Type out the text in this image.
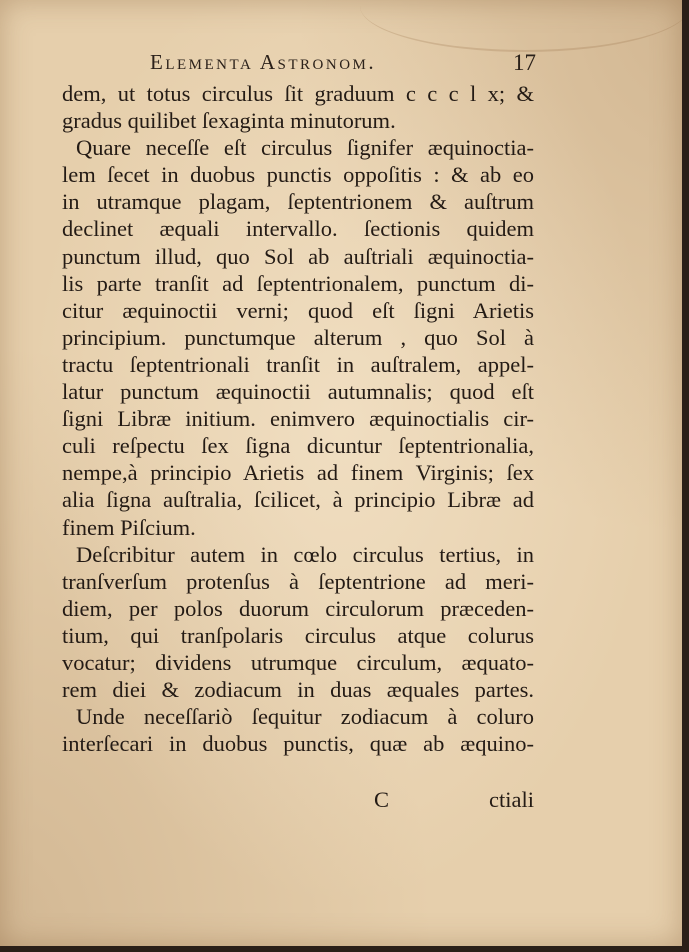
Elementa Astronom.	17
dem, ut totus circulus ſit graduum c c c l x; &
gradus quilibet ſexaginta minutorum.
Quare neceſſe eſt circulus ſignifer æquinoctia-
lem ſecet in duobus punctis oppoſitis : & ab eo
in utramque plagam, ſeptentrionem & auſtrum
declinet æquali intervallo. ſectionis quidem
punctum illud, quo Sol ab auſtriali æquinoctia-
lis parte tranſit ad ſeptentrionalem, punctum di-
citur æquinoctii verni; quod eſt ſigni Arietis
principium. punctumque alterum , quo Sol à
tractu ſeptentrionali tranſit in auſtralem, appel-
latur punctum æquinoctii autumnalis; quod eſt
ſigni Libræ initium. enimvero æquinoctialis cir-
culi reſpectu ſex ſigna dicuntur ſeptentrionalia,
nempe,à principio Arietis ad finem Virginis; ſex
alia ſigna auſtralia, ſcilicet, à principio Libræ ad
finem Piſcium.
Deſcribitur autem in cœlo circulus tertius, in
tranſverſum protenſus à ſeptentrione ad meri-
diem, per polos duorum circulorum præceden-
tium, qui tranſpolaris circulus atque colurus
vocatur; dividens utrumque circulum, æquato-
rem diei & zodiacum in duas æquales partes.
Unde neceſſariò ſequitur zodiacum à coluro
interſecari in duobus punctis, quæ ab æquino-
C	ctiali
